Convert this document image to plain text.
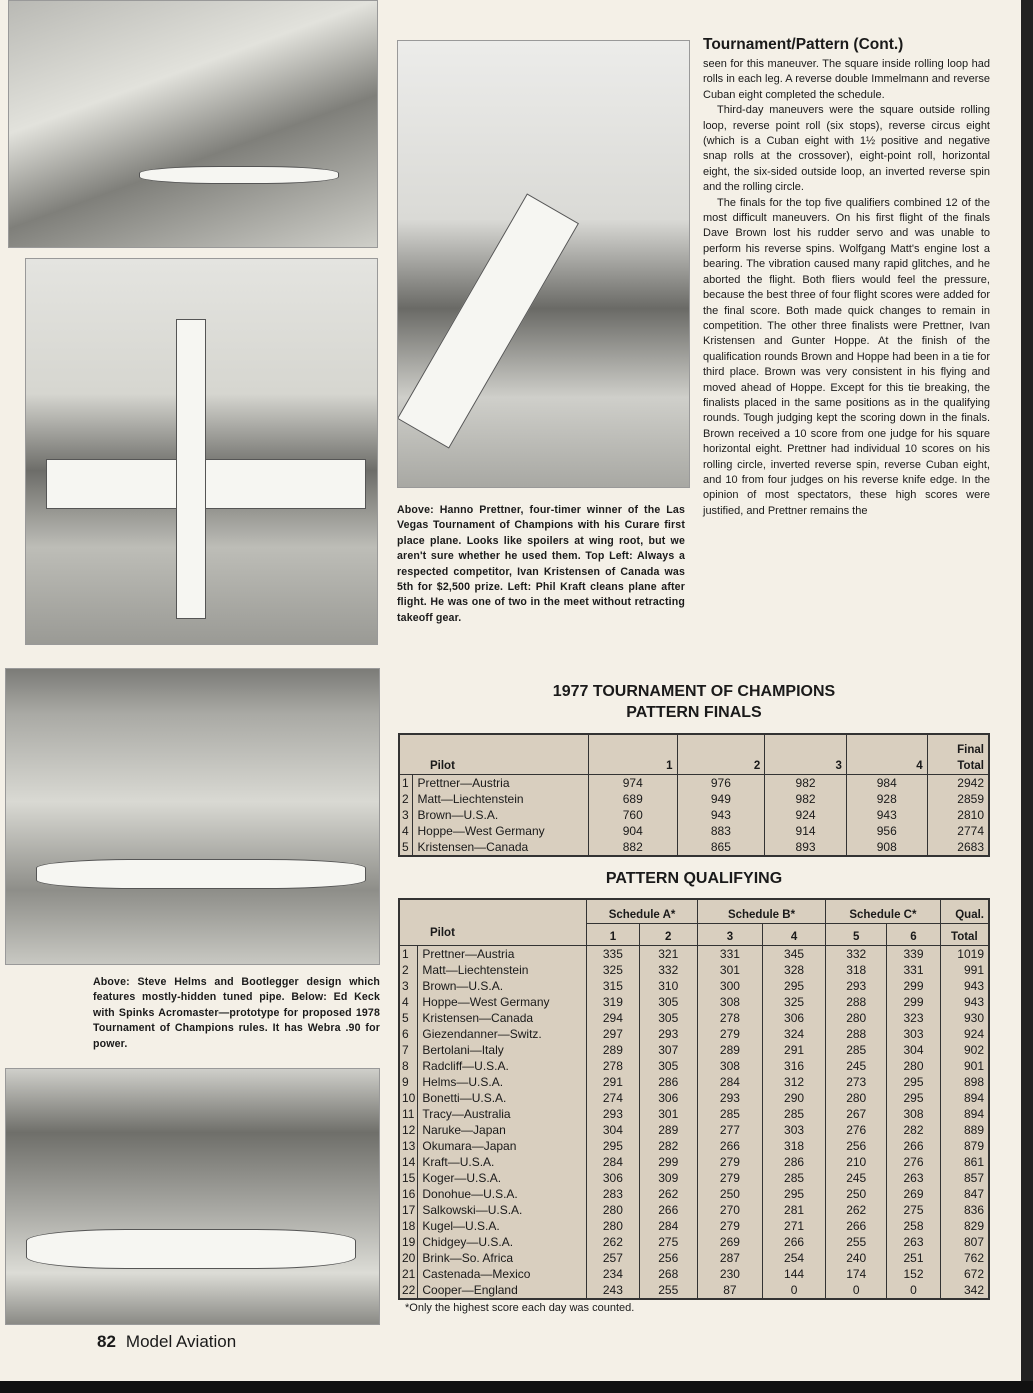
Above: Hanno Prettner, four-timer winner of the Las Vegas Tournament of Champions with his Curare first place plane. Looks like spoilers at wing root, but we aren't sure whether he used them. Top Left: Always a respected competitor, Ivan Kristensen of Canada was 5th for $2,500 prize. Left: Phil Kraft cleans plane after flight. He was one of two in the meet without retracting takeoff gear.
Above: Steve Helms and Bootlegger design which features mostly-hidden tuned pipe. Below: Ed Keck with Spinks Acromaster—prototype for proposed 1978 Tournament of Champions rules. It has Webra .90 for power.
Tournament/Pattern (Cont.)

seen for this maneuver. The square inside rolling loop had rolls in each leg. A reverse double Immelmann and reverse Cuban eight completed the schedule.

Third-day maneuvers were the square outside rolling loop, reverse point roll (six stops), reverse circus eight (which is a Cuban eight with 1½ positive and negative snap rolls at the crossover), eight-point roll, horizontal eight, the six-sided outside loop, an inverted reverse spin and the rolling circle.

The finals for the top five qualifiers combined 12 of the most difficult maneuvers. On his first flight of the finals Dave Brown lost his rudder servo and was unable to perform his reverse spins. Wolfgang Matt's engine lost a bearing. The vibration caused many rapid glitches, and he aborted the flight. Both fliers would feel the pressure, because the best three of four flight scores were added for the final score. Both made quick changes to remain in competition. The other three finalists were Prettner, Ivan Kristensen and Gunter Hoppe. At the finish of the qualification rounds Brown and Hoppe had been in a tie for third place. Brown was very consistent in his flying and moved ahead of Hoppe. Except for this tie breaking, the finalists placed in the same positions as in the qualifying rounds. Tough judging kept the scoring down in the finals. Brown received a 10 score from one judge for his square horizontal eight. Prettner had individual 10 scores on his rolling circle, inverted reverse spin, reverse Cuban eight, and 10 from four judges on his reverse knife edge. In the opinion of most spectators, these high scores were justified, and Prettner remains the

1977 TOURNAMENT OF CHAMPIONS
PATTERN FINALS
Pilot		1	2	3	4	Final
Total

1	Prettner—Austria	974	976	982	984	2942
2	Matt—Liechtenstein	689	949	982	928	2859
3	Brown—U.S.A.	760	943	924	943	2810
4	Hoppe—West Germany	904	883	914	956	2774
5	Kristensen—Canada	882	865	893	908	2683
PATTERN QUALIFYING
Pilot		Schedule A*		Schedule B*		Schedule C*		Qual.
		1	2	3	4	5	6	Total
1	Prettner—Austria	335	321	331	345	332	339	1019
2	Matt—Liechtenstein	325	332	301	328	318	331	991
3	Brown—U.S.A.	315	310	300	295	293	299	943
4	Hoppe—West Germany	319	305	308	325	288	299	943
5	Kristensen—Canada	294	305	278	306	280	323	930
6	Giezendanner—Switz.	297	293	279	324	288	303	924
7	Bertolani—Italy	289	307	289	291	285	304	902
8	Radcliff—U.S.A.	278	305	308	316	245	280	901
9	Helms—U.S.A.	291	286	284	312	273	295	898
10	Bonetti—U.S.A.	274	306	293	290	280	295	894
11	Tracy—Australia	293	301	285	285	267	308	894
12	Naruke—Japan	304	289	277	303	276	282	889
13	Okumara—Japan	295	282	266	318	256	266	879
14	Kraft—U.S.A.	284	299	279	286	210	276	861
15	Koger—U.S.A.	306	309	279	285	245	263	857
16	Donohue—U.S.A.	283	262	250	295	250	269	847
17	Salkowski—U.S.A.	280	266	270	281	262	275	836
18	Kugel—U.S.A.	280	284	279	271	266	258	829
19	Chidgey—U.S.A.	262	275	269	266	255	263	807
20	Brink—So. Africa	257	256	287	254	240	251	762
21	Castenada—Mexico	234	268	230	144	174	152	672
22	Cooper—England	243	255	87	0	0	0	342
*Only the highest score each day was counted.
82 Model Aviation
